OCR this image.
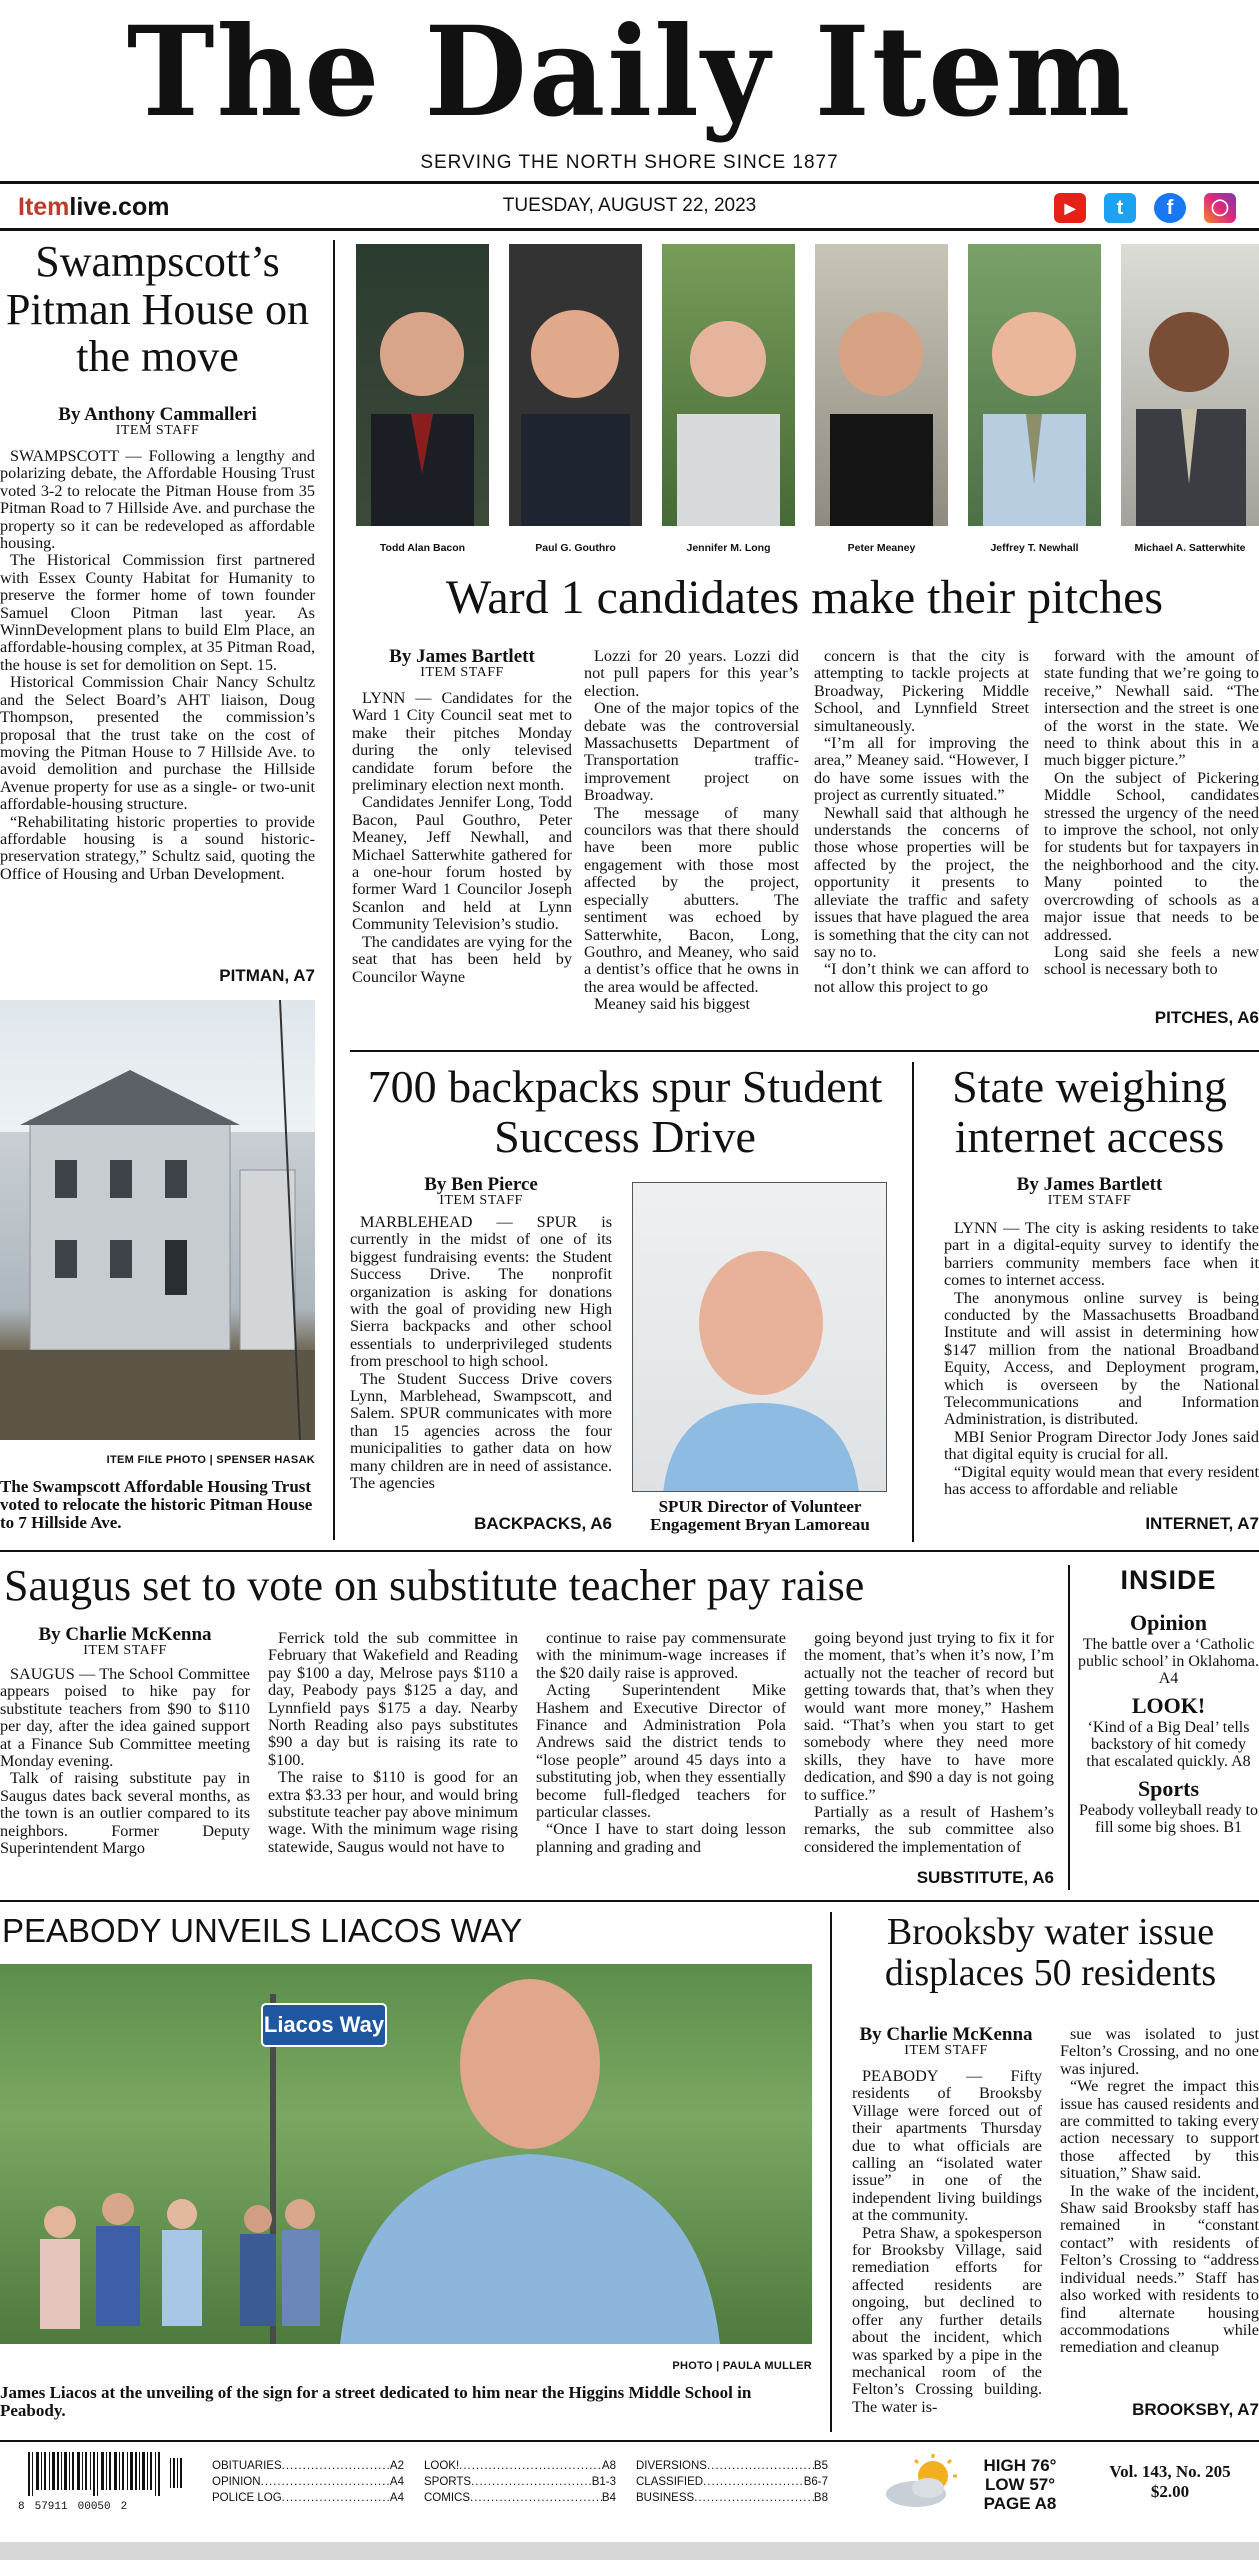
The Daily Item
SERVING THE NORTH SHORE SINCE 1877
Itemlive.com	TUESDAY, AUGUST 22, 2023	▶	t	f	◯
Swampscott’s Pitman House on the move
By Anthony Cammalleri
ITEM STAFF

SWAMPSCOTT — Following a lengthy and polarizing debate, the Affordable Housing Trust voted 3-2 to relocate the Pitman House from 35 Pitman Road to 7 Hillside Ave. and purchase the property so it can be redeveloped as affordable housing.

The Historical Commission first partnered with Essex County Habitat for Humanity to preserve the former home of town founder Samuel Cloon Pitman last year. As WinnDevelopment plans to build Elm Place, an affordable-housing complex, at 35 Pitman Road, the house is set for demolition on Sept. 15.

Historical Commission Chair Nancy Schultz and the Select Board’s AHT liaison, Doug Thompson, presented the commission’s proposal that the trust take on the cost of moving the Pitman House to 7 Hillside Ave. to avoid demolition and purchase the Hillside Avenue property for use as a single- or two-unit affordable-housing structure.

“Rehabilitating historic properties to provide affordable housing is a sound historic-preservation strategy,” Schultz said, quoting the Office of Housing and Urban Development.

PITMAN, A7
ITEM FILE PHOTO | SPENSER HASAK
The Swampscott Affordable Housing Trust voted to relocate the historic Pitman House to 7 Hillside Ave.
Todd Alan Bacon	Paul G. Gouthro	Jennifer M. Long	Peter Meaney	Jeffrey T. Newhall	Michael A. Satterwhite
Ward 1 candidates make their pitches
By James Bartlett
ITEM STAFF

LYNN — Candidates for the Ward 1 City Council seat met to make their pitches Monday during the only televised candidate forum before the preliminary election next month.

Candidates Jennifer Long, Todd Bacon, Paul Gouthro, Peter Meaney, Jeff Newhall, and Michael Satterwhite gathered for a one-hour forum hosted by former Ward 1 Councilor Joseph Scanlon and held at Lynn Community Television’s studio.

The candidates are vying for the seat that has been held by Councilor Wayne

Lozzi for 20 years. Lozzi did not pull papers for this year’s election.

One of the major topics of the debate was the controversial Massachusetts Department of Transportation traffic-improvement project on Broadway.

The message of many councilors was that there should have been more public engagement with those most affected by the project, especially abutters. The sentiment was echoed by Satterwhite, Bacon, Long, Gouthro, and Meaney, who said a dentist’s office that he owns in the area would be affected.

Meaney said his biggest

concern is that the city is attempting to tackle projects at Broadway, Pickering Middle School, and Lynnfield Street simultaneously.

“I’m all for improving the area,” Meaney said. “However, I do have some issues with the project as currently situated.”

Newhall said that although he understands the concerns of those whose properties will be affected by the project, the opportunity it presents to alleviate the traffic and safety issues that have plagued the area is something that the city can not say no to.

“I don’t think we can afford to not allow this project to go

forward with the amount of state funding that we’re going to receive,” Newhall said. “The intersection and the street is one of the worst in the state. We need to think about this in a much bigger picture.”

On the subject of Pickering Middle School, candidates stressed the urgency of the need to improve the school, not only for students but for taxpayers in the neighborhood and the city. Many pointed to the overcrowding of schools as a major issue that needs to be addressed.

Long said she feels a new school is necessary both to

PITCHES, A6
700 backpacks spur Student Success Drive
By Ben Pierce
ITEM STAFF

MARBLEHEAD — SPUR is currently in the midst of one of its biggest fundraising events: the Student Success Drive. The nonprofit organization is asking for donations with the goal of providing new High Sierra backpacks and other school essentials to underprivileged students from preschool to high school.

The Student Success Drive covers Lynn, Marblehead, Swampscott, and Salem. SPUR communicates with more than 15 agencies across the four municipalities to gather data on how many children are in need of assistance. The agencies

SPUR Director of Volunteer Engagement Bryan Lamoreau
BACKPACKS, A6
State weighing internet access
By James Bartlett
ITEM STAFF

LYNN — The city is asking residents to take part in a digital-equity survey to identify the barriers community members face when it comes to internet access.

The anonymous online survey is being conducted by the Massachusetts Broadband Institute and will assist in determining how $147 million from the national Broadband Equity, Access, and Deployment program, which is overseen by the National Telecommunications and Information Administration, is distributed.

MBI Senior Program Director Jody Jones said that digital equity is crucial for all.

“Digital equity would mean that every resident has access to affordable and reliable

INTERNET, A7
Saugus set to vote on substitute teacher pay raise
By Charlie McKenna
ITEM STAFF

SAUGUS — The School Committee appears poised to hike pay for substitute teachers from $90 to $110 per day, after the idea gained support at a Finance Sub Committee meeting Monday evening.

Talk of raising substitute pay in Saugus dates back several months, as the town is an outlier compared to its neighbors. Former Deputy Superintendent Margo

Ferrick told the sub committee in February that Wakefield and Reading pay $100 a day, Melrose pays $110 a day, Peabody pays $125 a day, and Lynnfield pays $175 a day. Nearby North Reading also pays substitutes $90 a day but is raising its rate to $100.

The raise to $110 is good for an extra $3.33 per hour, and would bring substitute teacher pay above minimum wage. With the minimum wage rising statewide, Saugus would not have to

continue to raise pay commensurate with the minimum-wage increases if the $20 daily raise is approved.

Acting Superintendent Mike Hashem and Executive Director of Finance and Administration Pola Andrews said the district tends to “lose people” around 45 days into a substituting job, when they essentially become full-fledged teachers for particular classes.

“Once I have to start doing lesson planning and grading and

going beyond just trying to fix it for the moment, that’s when it’s now, I’m actually not the teacher of record but getting towards that, that’s when they would want more money,” Hashem said. “That’s when you start to get somebody where they need more skills, they have to have more dedication, and $90 a day is not going to suffice.”

Partially as a result of Hashem’s remarks, the sub committee also considered the implementation of

SUBSTITUTE, A6
INSIDE
Opinion
The battle over a ‘Catholic public school’ in Oklahoma. A4
LOOK!
‘Kind of a Big Deal’ tells backstory of hit comedy that escalated quickly. A8
Sports
Peabody volleyball ready to fill some big shoes. B1
PEABODY UNVEILS LIACOS WAY
Liacos Way
PHOTO | PAULA MULLER
James Liacos at the unveiling of the sign for a street dedicated to him near the Higgins Middle School in Peabody.
Brooksby water issue displaces 50 residents
By Charlie McKenna
ITEM STAFF

PEABODY — Fifty residents of Brooksby Village were forced out of their apartments Thursday due to what officials are calling an “isolated water issue” in one of the independent living buildings at the community.

Petra Shaw, a spokesperson for Brooksby Village, said remediation efforts for affected residents are ongoing, but declined to offer any further details about the incident, which was sparked by a pipe in the mechanical room of the Felton’s Crossing building. The water is-

sue was isolated to just Felton’s Crossing, and no one was injured.

“We regret the impact this issue has caused residents and are committed to taking every action necessary to support those affected by this situation,” Shaw said.

In the wake of the incident, Shaw said Brooksby staff has remained in “constant contact” with residents of Felton’s Crossing to “address individual needs.” Staff has also worked with residents to find alternate housing accommodations while remediation and cleanup

BROOKSBY, A7
8 57911 00050 2
OBITUARIES .....	A2
OPINION .....	A4
POLICE LOG .....	A4
LOOK! .....	A8
SPORTS .....	B1-3
COMICS .....	B4
DIVERSIONS .....	B5
CLASSIFIED .....	B6-7
BUSINESS .....	B8
HIGH 76°
LOW 57°
PAGE A8
Vol. 143, No. 205
$2.00
